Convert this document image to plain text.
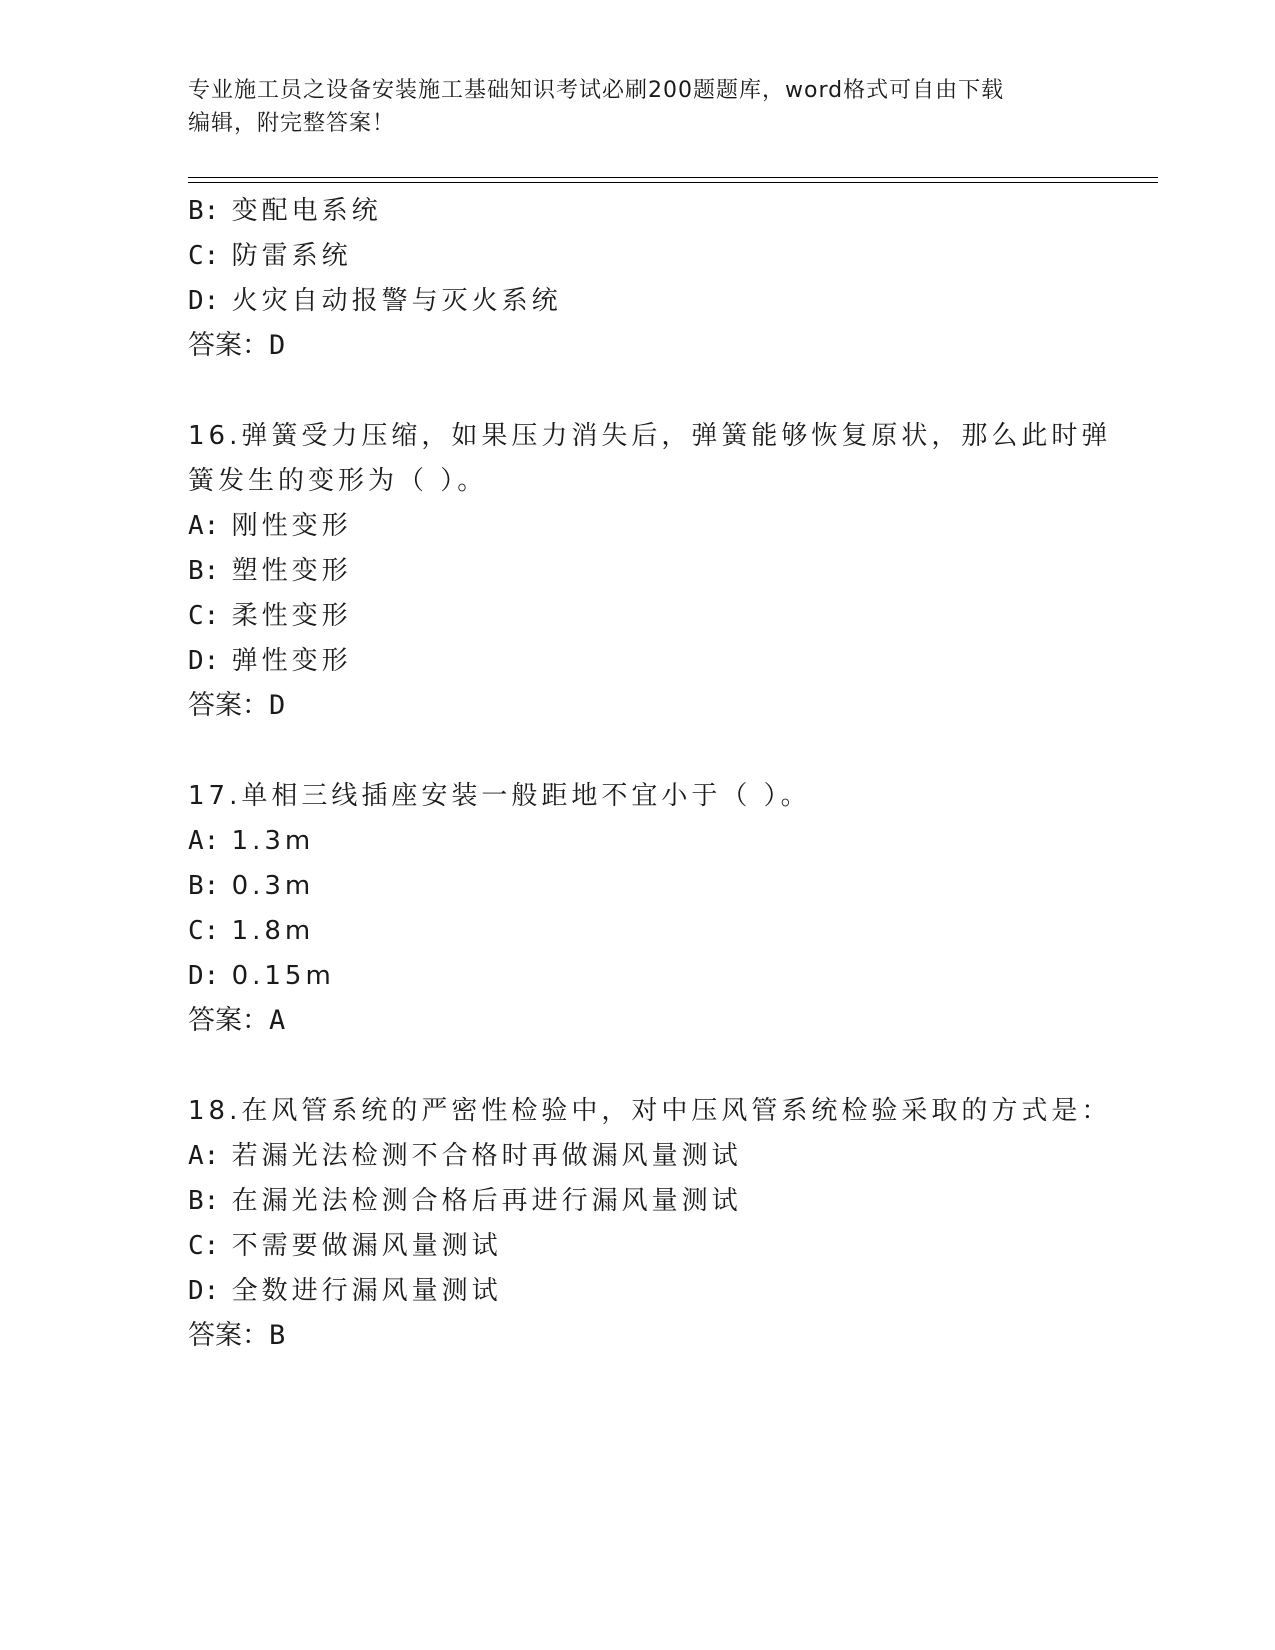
专业施工员之设备安装施工基础知识考试必刷200题题库，word格式可自由下载
编辑，附完整答案！
B: 变配电系统
C: 防雷系统
D: 火灾自动报警与灭火系统
答案：D
16.弹簧受力压缩，如果压力消失后，弹簧能够恢复原状，那么此时弹
簧发生的变形为（ ）。
A: 刚性变形
B: 塑性变形
C: 柔性变形
D: 弹性变形
答案：D
17.单相三线插座安装一般距地不宜小于（ ）。
A: 1.3m
B: 0.3m
C: 1.8m
D: 0.15m
答案：A
18.在风管系统的严密性检验中，对中压风管系统检验采取的方式是：
A: 若漏光法检测不合格时再做漏风量测试
B: 在漏光法检测合格后再进行漏风量测试
C: 不需要做漏风量测试
D: 全数进行漏风量测试
答案：B
